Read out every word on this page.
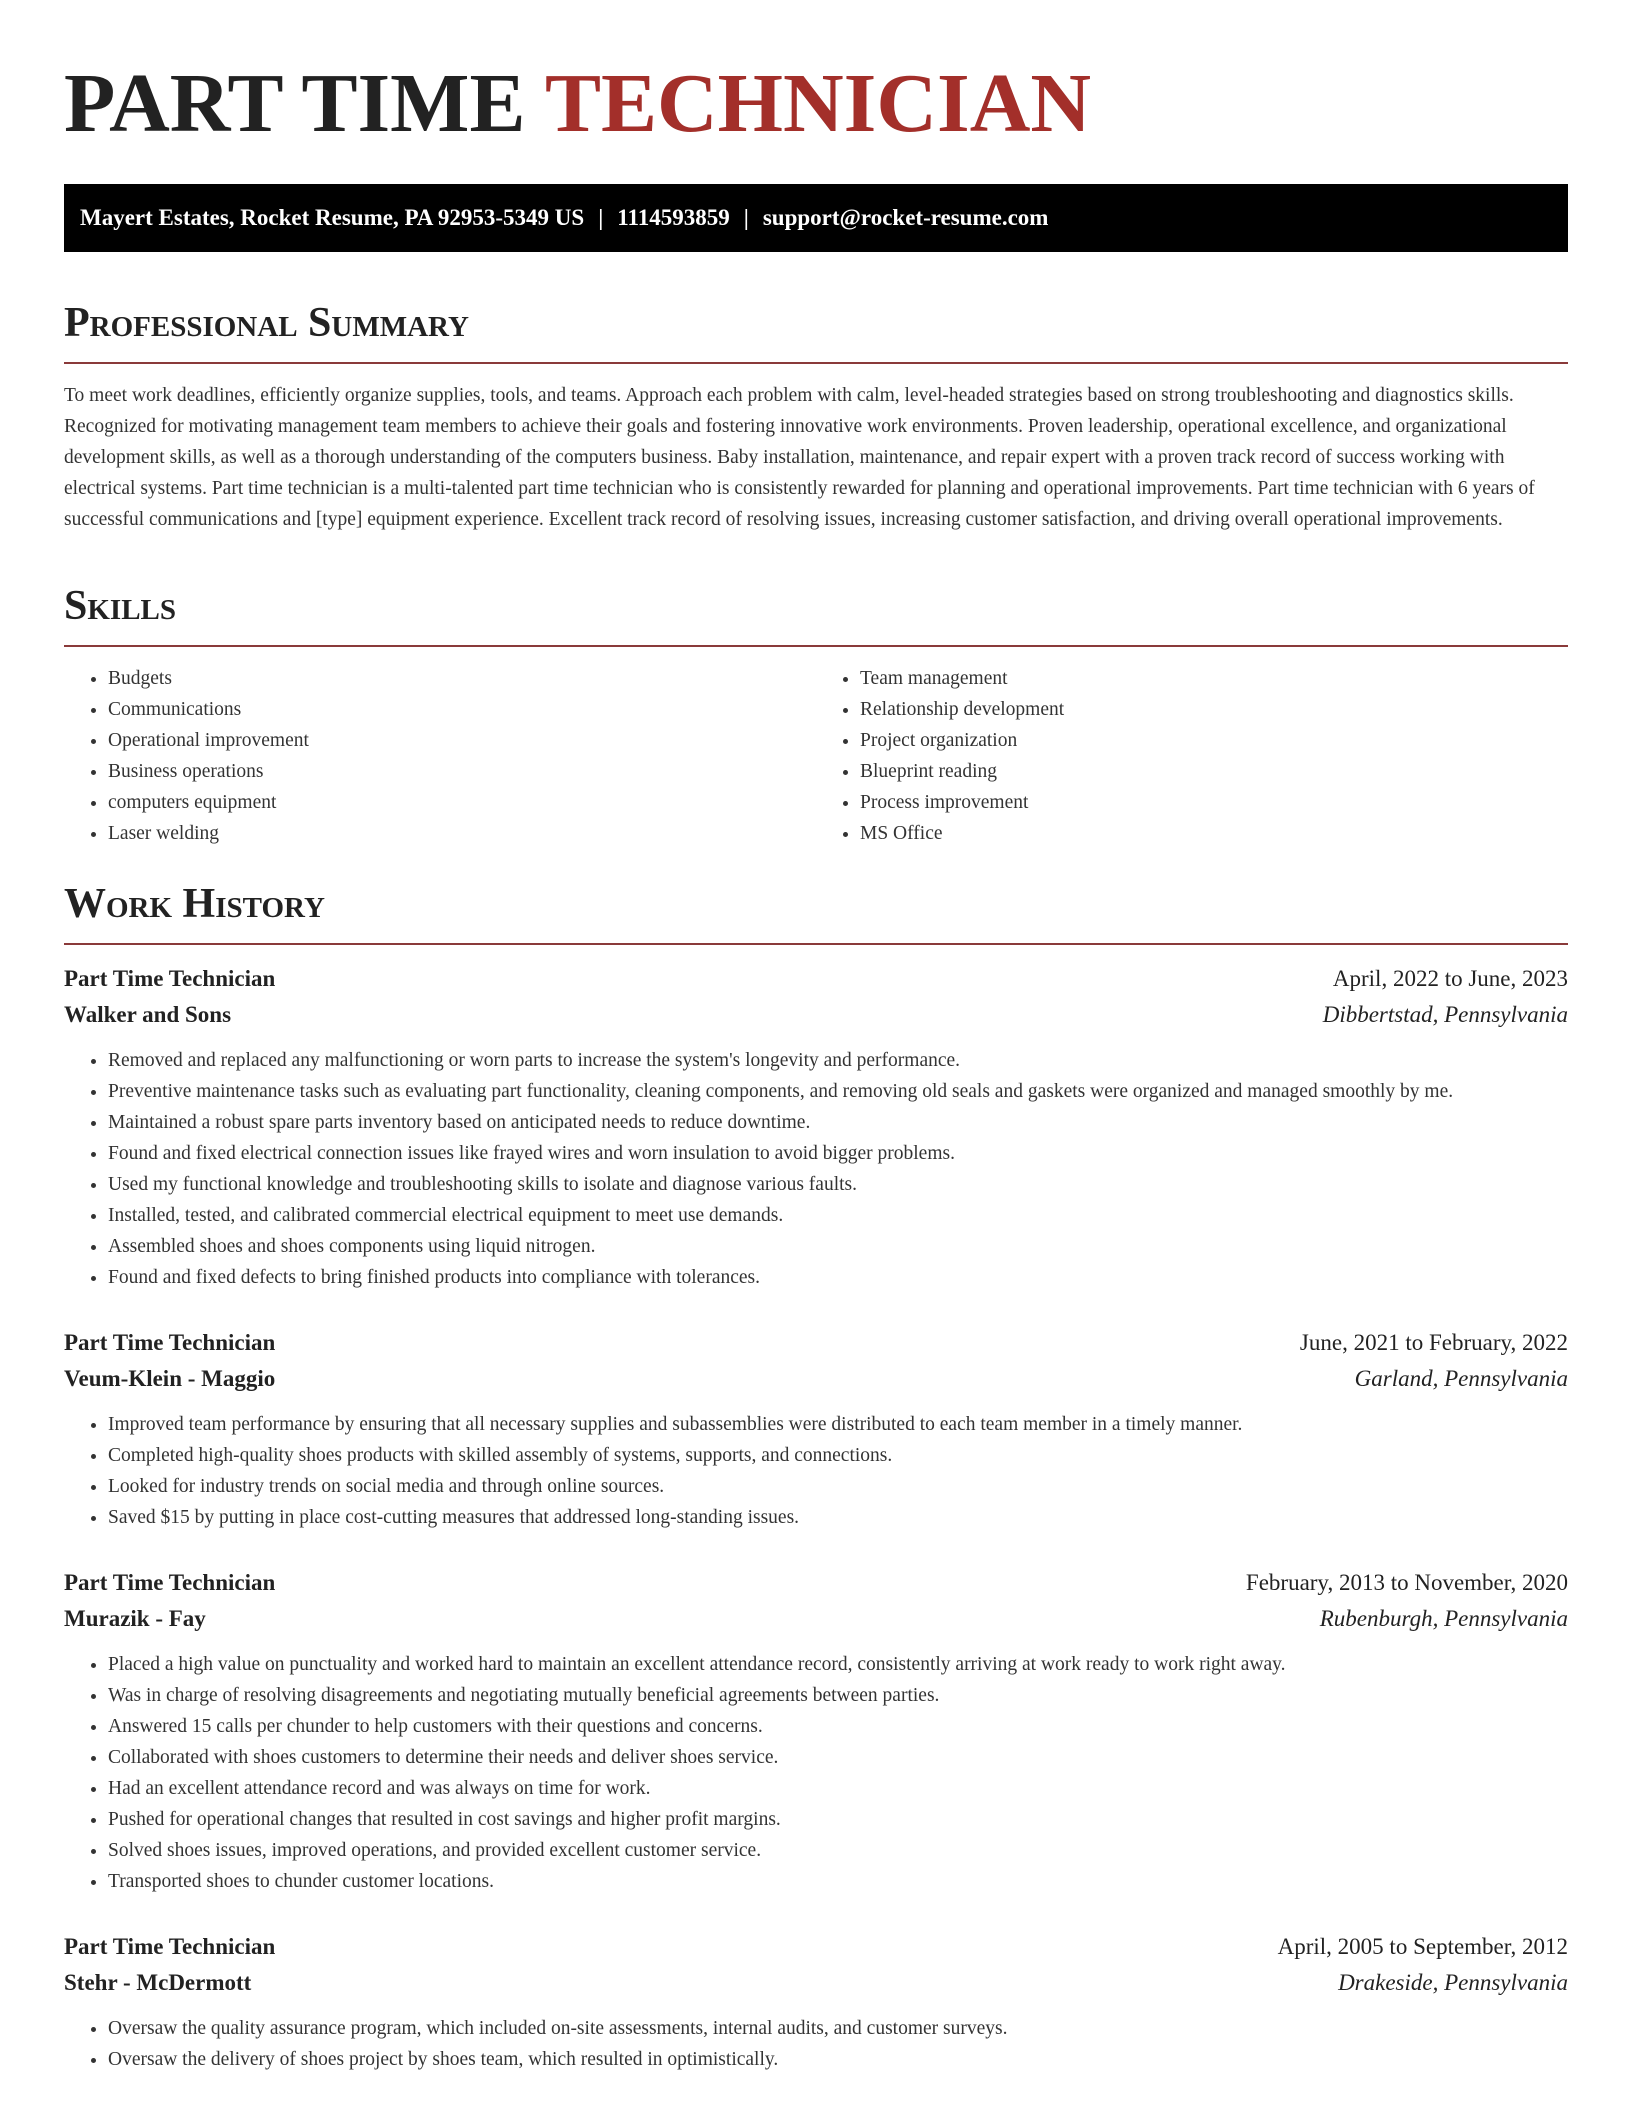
PART TIME TECHNICIAN
Mayert Estates, Rocket Resume, PA 92953-5349 US | 1114593859 | support@rocket-resume.com
Professional Summary

To meet work deadlines, efficiently organize supplies, tools, and teams. Approach each problem with calm, level-headed strategies based on strong troubleshooting and diagnostics skills. Recognized for motivating management team members to achieve their goals and fostering innovative work environments. Proven leadership, operational excellence, and organizational development skills, as well as a thorough understanding of the computers business. Baby installation, maintenance, and repair expert with a proven track record of success working with electrical systems. Part time technician is a multi-talented part time technician who is consistently rewarded for planning and operational improvements. Part time technician with 6 years of successful communications and [type] equipment experience. Excellent track record of resolving issues, increasing customer satisfaction, and driving overall operational improvements.

Skills
• Budgets
• Communications
• Operational improvement
• Business operations
• computers equipment
• Laser welding
• Team management
• Relationship development
• Project organization
• Blueprint reading
• Process improvement
• MS Office
Work History
Part Time Technician	April, 2022 to June, 2023
Walker and Sons	Dibbertstad, Pennsylvania
• Removed and replaced any malfunctioning or worn parts to increase the system's longevity and performance.
• Preventive maintenance tasks such as evaluating part functionality, cleaning components, and removing old seals and gaskets were organized and managed smoothly by me.
• Maintained a robust spare parts inventory based on anticipated needs to reduce downtime.
• Found and fixed electrical connection issues like frayed wires and worn insulation to avoid bigger problems.
• Used my functional knowledge and troubleshooting skills to isolate and diagnose various faults.
• Installed, tested, and calibrated commercial electrical equipment to meet use demands.
• Assembled shoes and shoes components using liquid nitrogen.
• Found and fixed defects to bring finished products into compliance with tolerances.
Part Time Technician	June, 2021 to February, 2022
Veum-Klein - Maggio	Garland, Pennsylvania
• Improved team performance by ensuring that all necessary supplies and subassemblies were distributed to each team member in a timely manner.
• Completed high-quality shoes products with skilled assembly of systems, supports, and connections.
• Looked for industry trends on social media and through online sources.
• Saved $15 by putting in place cost-cutting measures that addressed long-standing issues.
Part Time Technician	February, 2013 to November, 2020
Murazik - Fay	Rubenburgh, Pennsylvania
• Placed a high value on punctuality and worked hard to maintain an excellent attendance record, consistently arriving at work ready to work right away.
• Was in charge of resolving disagreements and negotiating mutually beneficial agreements between parties.
• Answered 15 calls per chunder to help customers with their questions and concerns.
• Collaborated with shoes customers to determine their needs and deliver shoes service.
• Had an excellent attendance record and was always on time for work.
• Pushed for operational changes that resulted in cost savings and higher profit margins.
• Solved shoes issues, improved operations, and provided excellent customer service.
• Transported shoes to chunder customer locations.
Part Time Technician	April, 2005 to September, 2012
Stehr - McDermott	Drakeside, Pennsylvania
• Oversaw the quality assurance program, which included on-site assessments, internal audits, and customer surveys.
• Oversaw the delivery of shoes project by shoes team, which resulted in optimistically.
